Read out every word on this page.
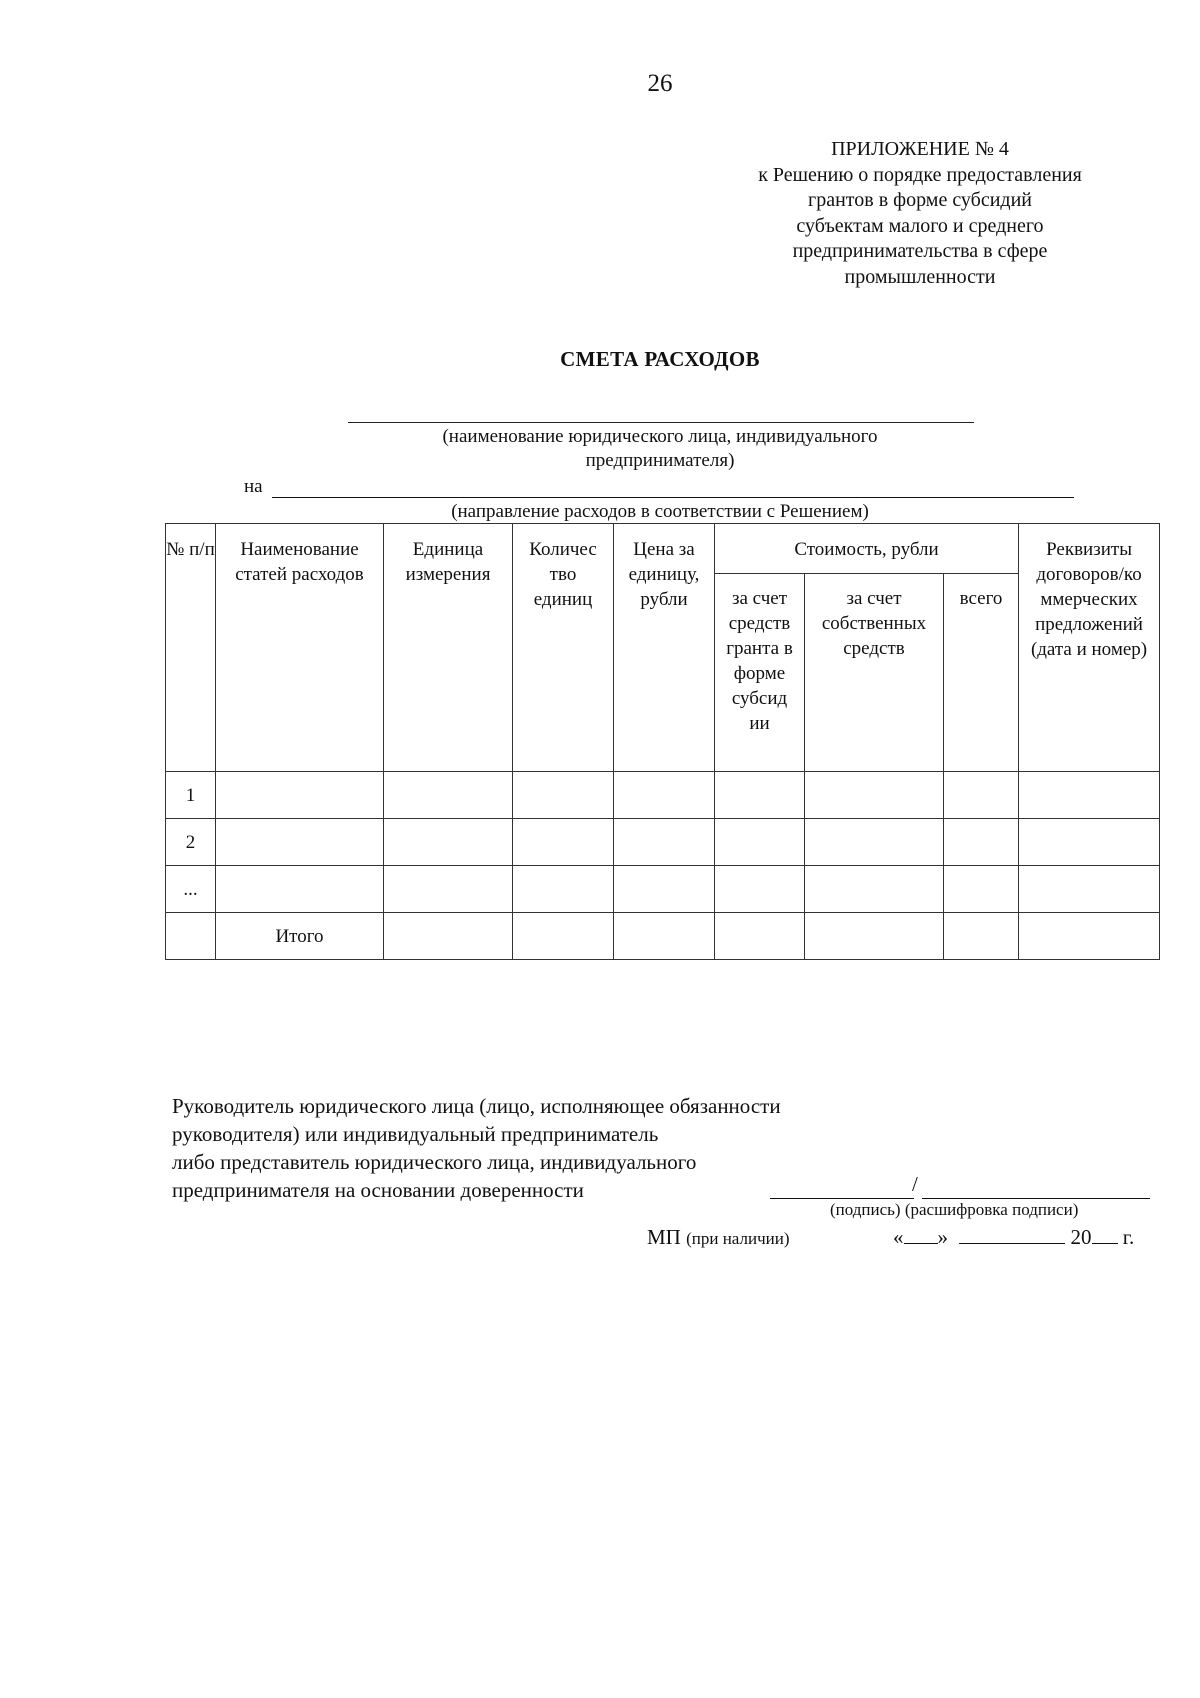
26
ПРИЛОЖЕНИЕ № 4
к Решению о порядке предоставления
грантов в форме субсидий
субъектам малого и среднего
предпринимательства в сфере
промышленности
СМЕТА РАСХОДОВ
(наименование юридического лица, индивидуального
предпринимателя)
на
(направление расходов в соответствии с Решением)
№ п/п	Наименование статей расходов	Единица измерения	Количес тво единиц	Цена за единицу, рубли	Стоимость, рубли			Реквизиты договоров/ко ммерческих предложений (дата и номер)

					за счет средств гранта в форме субсид ии	за счет собственных средств	всего	

1								
2								
...								
	Итого							
Руководитель юридического лица (лицо, исполняющее обязанности
руководителя) или индивидуальный предприниматель
либо представитель юридического лица, индивидуального
предпринимателя на основании доверенности	/
(подпись) (расшифровка подписи)
МП (при наличии)	« »	20 г.
